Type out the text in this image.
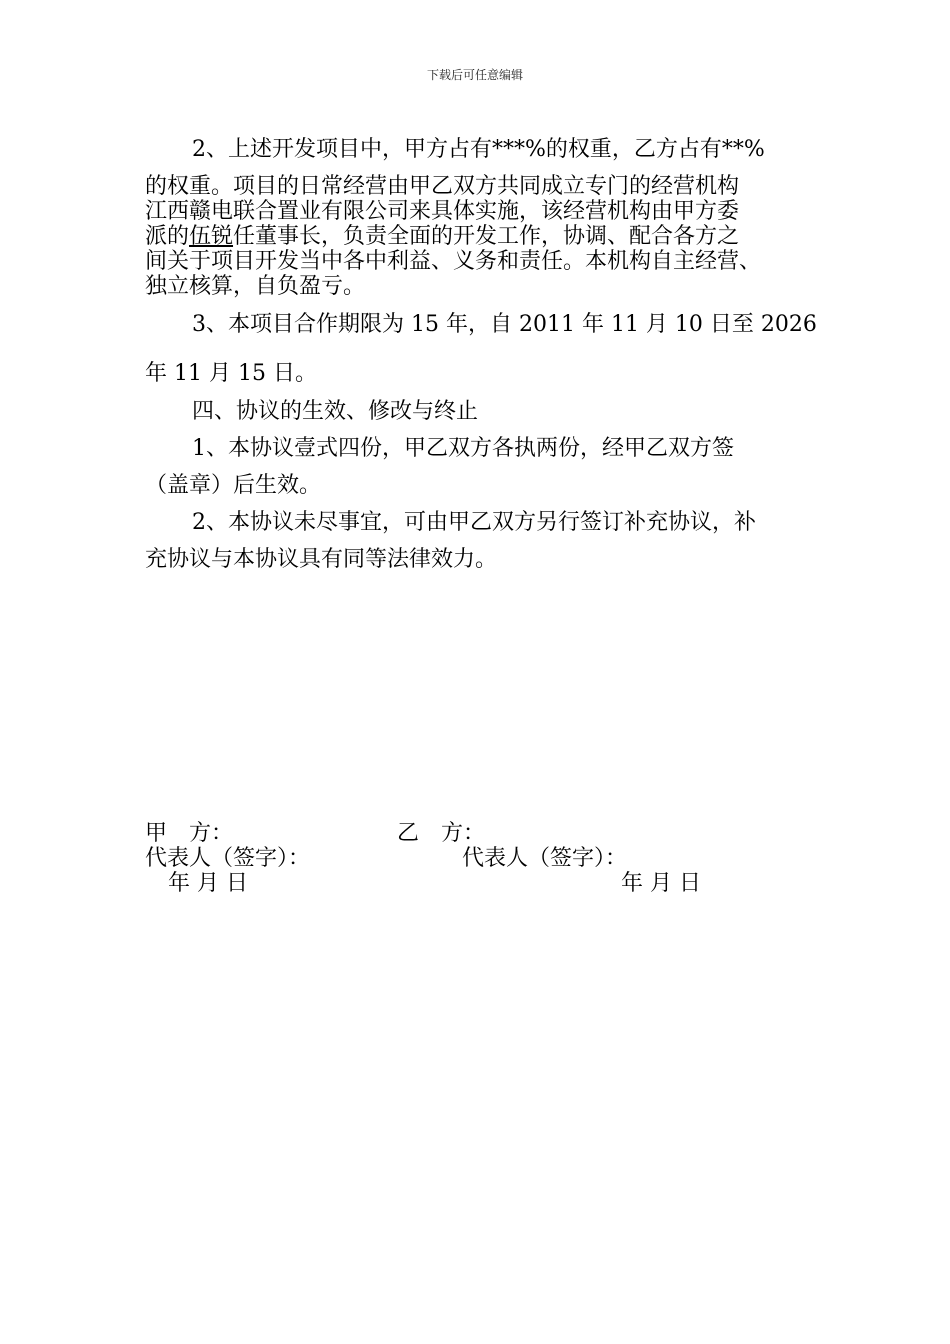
下载后可任意编辑
2、上述开发项目中，甲方占有***%的权重，乙方占有**%
的权重。项目的日常经营由甲乙双方共同成立专门的经营机构
江西赣电联合置业有限公司来具体实施，该经营机构由甲方委
派的伍锐任董事长，负责全面的开发工作，协调、配合各方之
间关于项目开发当中各中利益、义务和责任。本机构自主经营、
独立核算，自负盈亏。
3、本项目合作期限为 15 年，自 2011 年 11 月 10 日至 2026
年 11 月 15 日。
四、协议的生效、修改与终止
1、本协议壹式四份，甲乙双方各执两份，经甲乙双方签
（盖章）后生效。
2、本协议未尽事宜，可由甲乙双方另行签订补充协议，补
充协议与本协议具有同等法律效力。
甲　方：	乙　方：
代表人（签字）：	代表人（签字）：
年 月 日	年 月 日
